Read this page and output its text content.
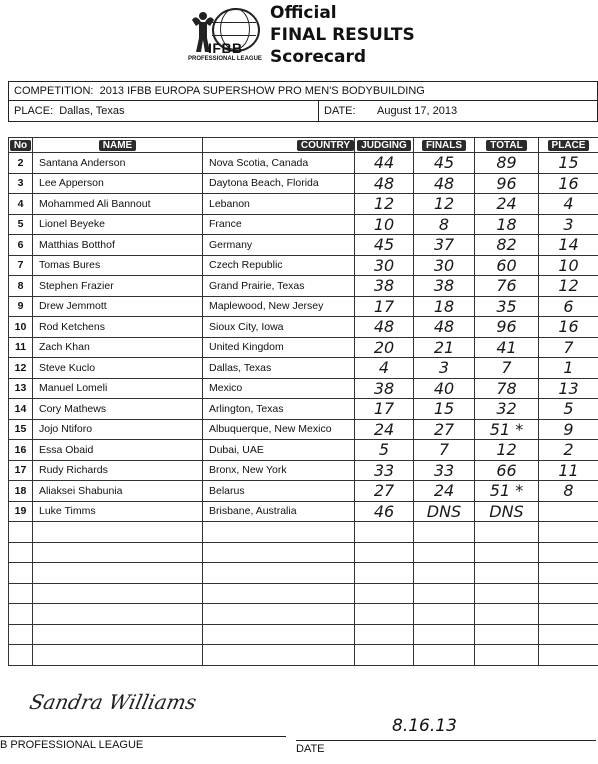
IFBB
PROFESSIONAL LEAGUE
Official
FINAL RESULTS
Scorecard
COMPETITION:
2013 IFBB EUROPA SUPERSHOW PRO MEN'S BODYBUILDING
PLACE:
Dallas, Texas	DATE:
August 17, 2013
No	NAME	COUNTRY	JUDGING	FINALS	TOTAL	PLACE
2	Santana Anderson	Nova Scotia, Canada	44	45	89	15
3	Lee Apperson	Daytona Beach, Florida	48	48	96	16
4	Mohammed Ali Bannout	Lebanon	12	12	24	4
5	Lionel Beyeke	France	10	8	18	3
6	Matthias Botthof	Germany	45	37	82	14
7	Tomas Bures	Czech Republic	30	30	60	10
8	Stephen Frazier	Grand Prairie, Texas	38	38	76	12
9	Drew Jemmott	Maplewood, New Jersey	17	18	35	6
10	Rod Ketchens	Sioux City, Iowa	48	48	96	16
11	Zach Khan	United Kingdom	20	21	41	7
12	Steve Kuclo	Dallas, Texas	4	3	7	1
13	Manuel Lomeli	Mexico	38	40	78	13
14	Cory Mathews	Arlington, Texas	17	15	32	5
15	Jojo Ntiforo	Albuquerque, New Mexico	24	27	51 *	9
16	Essa Obaid	Dubai, UAE	5	7	12	2
17	Rudy Richards	Bronx, New York	33	33	66	11
18	Aliaksei Shabunia	Belarus	27	24	51 *	8
19	Luke Timms	Brisbane, Australia	46	DNS	DNS	

Sandra Williams
B PROFESSIONAL LEAGUE
8.16.13
DATE
